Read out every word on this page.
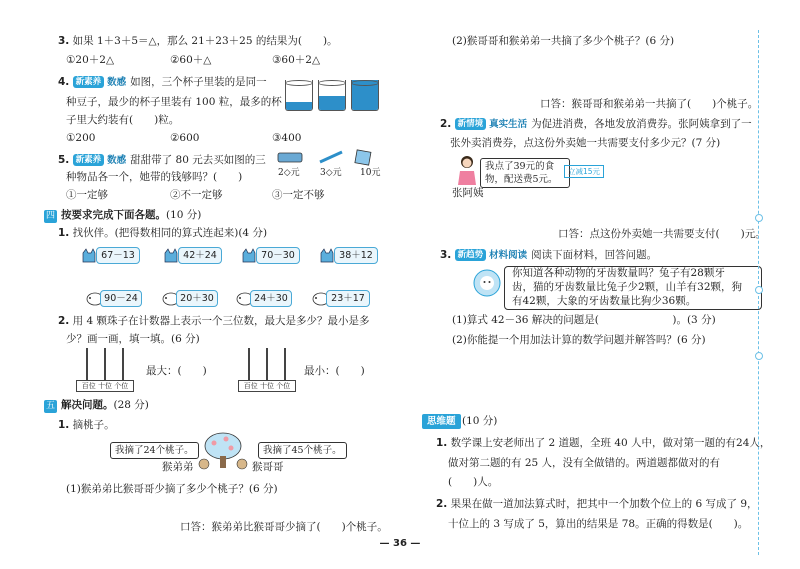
3. 如果 1＋3＋5＝△，那么 21＋23＋25 的结果为(　　)。
①20＋2△	②60＋△	③60＋2△
4. 新素养 数感 如图，三个杯子里装的是同一
种豆子，最少的杯子里装有 100 粒，最多的杯
子里大约装有(　　)粒。
①200	②600	③400
5. 新素养 数感 甜甜带了 80 元去买如图的三
种物品各一个，她带的钱够吗？(　　)
①一定够	②不一定够	③一定不够
2◇元 3◇元 10元
四 按要求完成下面各题。(10 分)
1. 找伙伴。(把得数相同的算式连起来)(4 分)
67－13	42＋24	70－30	38＋12
90－24	20＋30	24＋30	23＋17
2. 用 4 颗珠子在计数器上表示一个三位数，最大是多少？最小是多
少？画一画，填一填。(6 分)
百位 十位 个位
最大：(　　)
百位 十位 个位
最小：(　　)
五 解决问题。(28 分)
1. 摘桃子。
我摘了24个桃子。	我摘了45个桃子。
猴弟弟	猴哥哥
(1)猴弟弟比猴哥哥少摘了多少个桃子？(6 分)
口答：猴弟弟比猴哥哥少摘了(　　)个桃子。
(2)猴哥哥和猴弟弟一共摘了多少个桃子？(6 分)
口答：猴哥哥和猴弟弟一共摘了(　　)个桃子。
2. 新情境 真实生活 为促进消费，各地发放消费券。张阿姨拿到了一
张外卖消费券，点这份外卖她一共需要支付多少元？(7 分)
我点了39元的食物，配送费5元。
立减15元
张阿姨
口答：点这份外卖她一共需要支付(　　)元。
3. 新趋势 材料阅读 阅读下面材料，回答问题。
你知道各种动物的牙齿数量吗？兔子有28颗牙
齿，猫的牙齿数量比兔子少2颗，山羊有32颗，狗
有42颗，大象的牙齿数量比狗少36颗。
(1)算式 42－36 解决的问题是(　　　　　　　)。(3 分)
(2)你能提一个用加法计算的数学问题并解答吗？(6 分)
思维题 (10 分)
1. 数学课上安老师出了 2 道题，全班 40 人中，做对第一题的有24人，
做对第二题的有 25 人，没有全做错的。两道题都做对的有
(　　)人。
2. 果果在做一道加法算式时，把其中一个加数个位上的 6 写成了 9，
十位上的 3 写成了 5，算出的结果是 78。正确的得数是(　　)。
— 36 —
